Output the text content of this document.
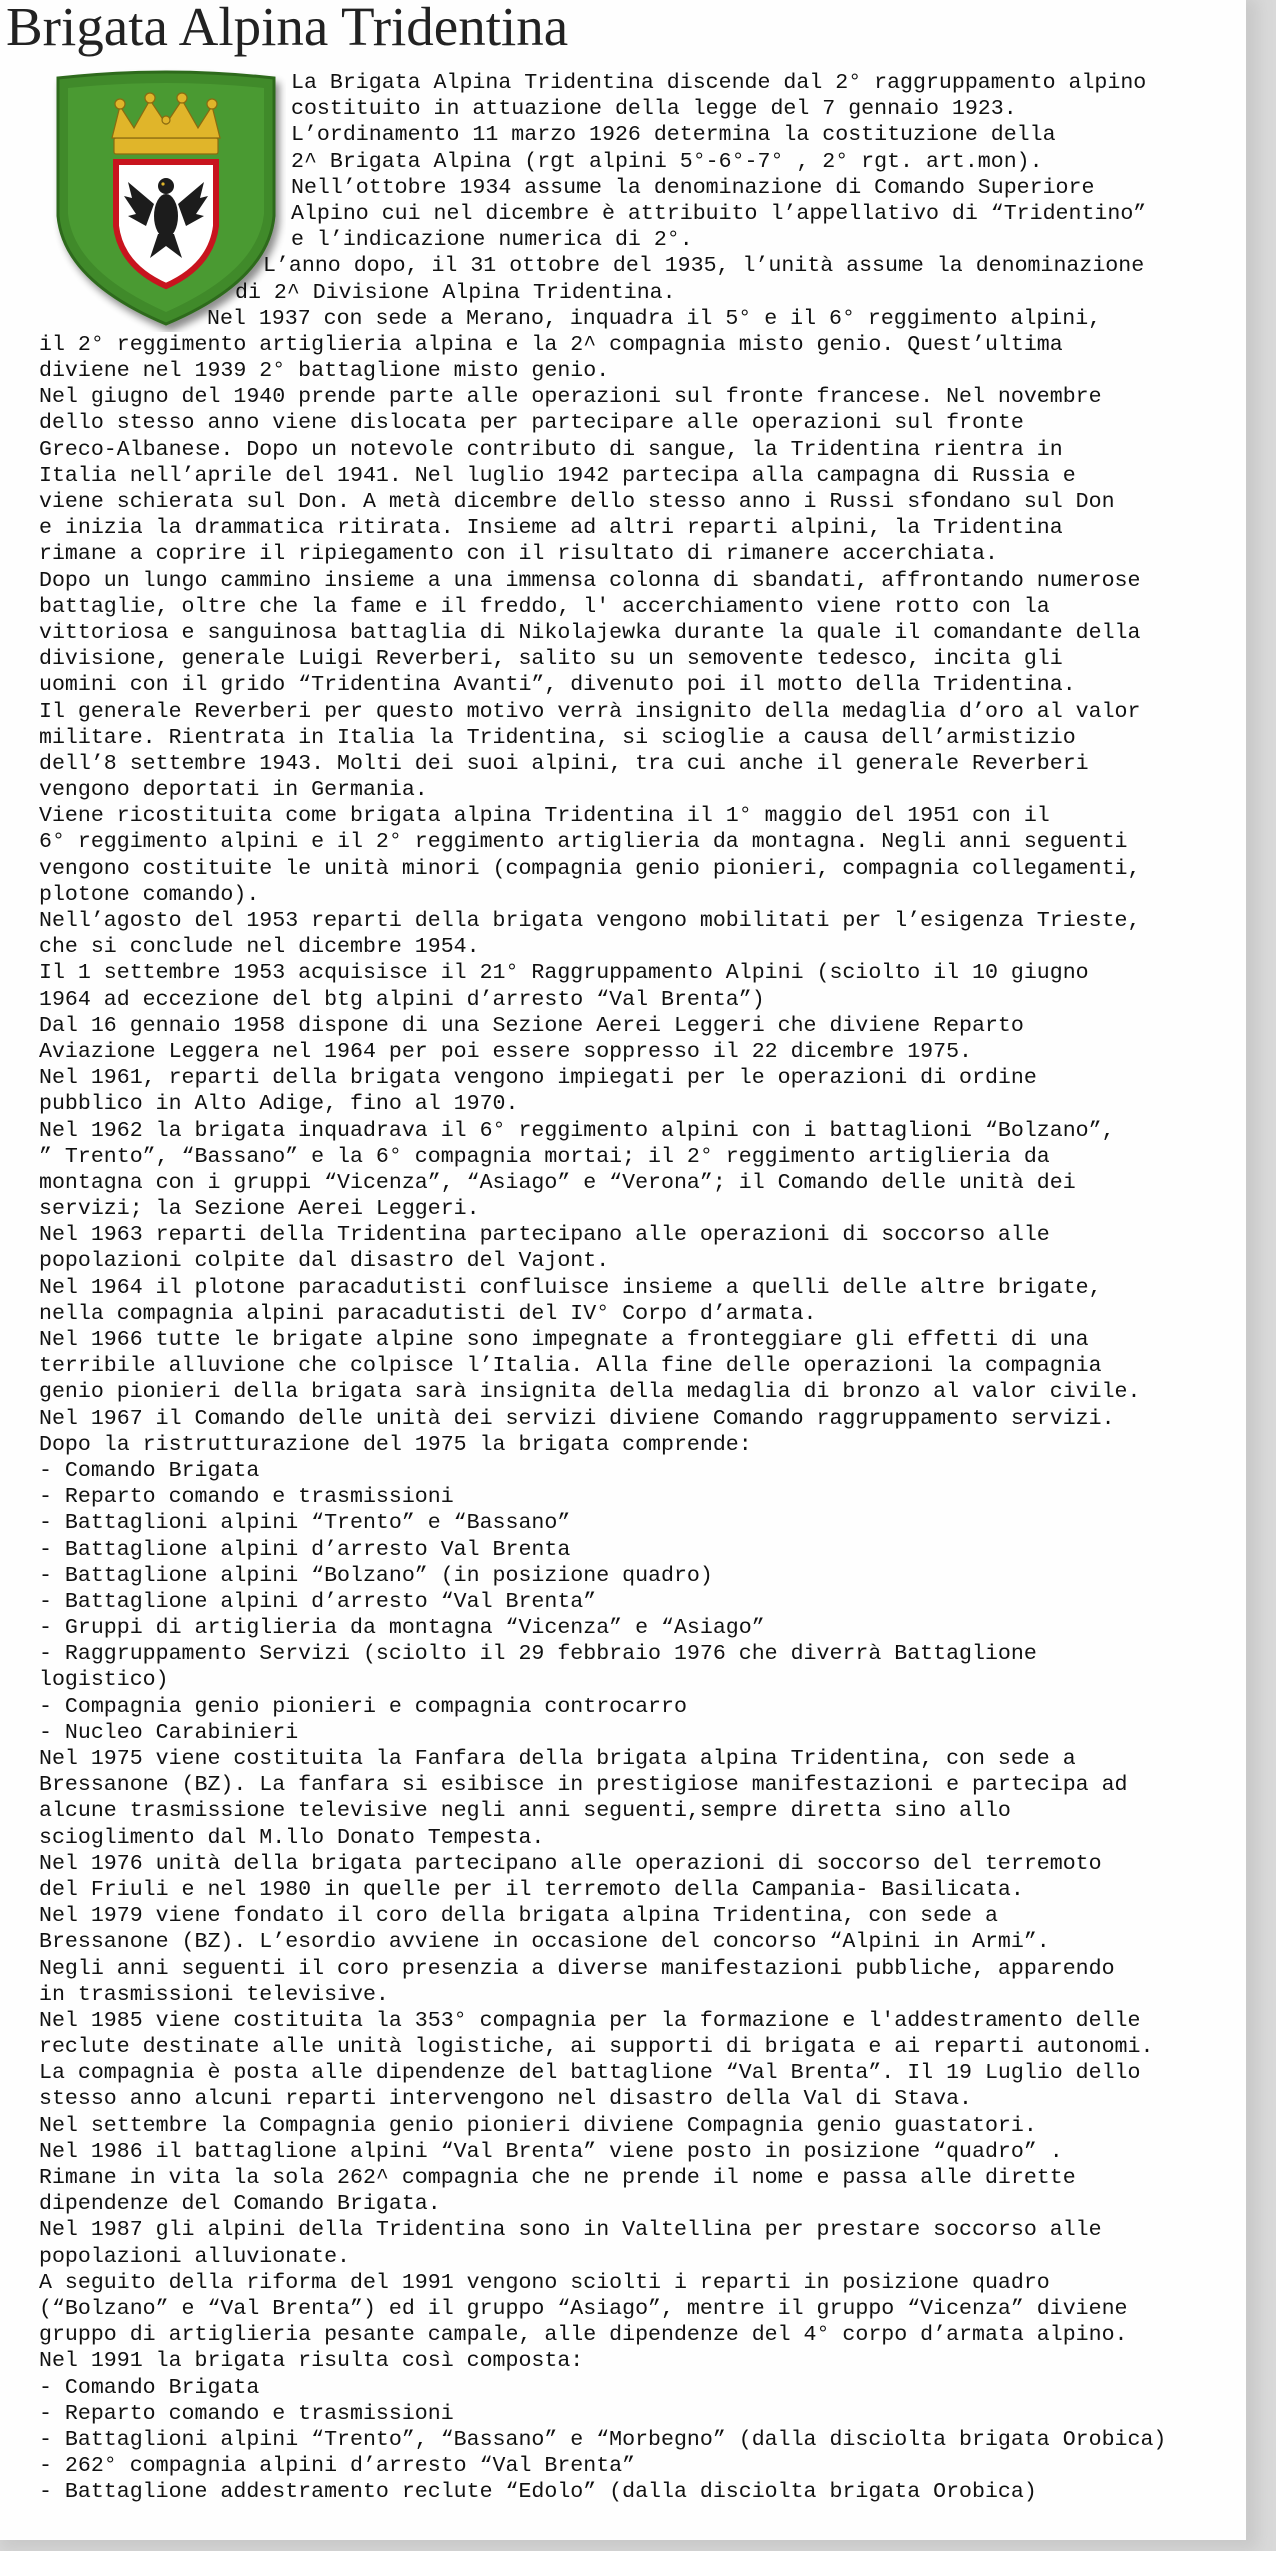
Brigata Alpina Tridentina
La Brigata Alpina Tridentina discende dal 2° raggruppamento alpino
costituito in attuazione della legge del 7 gennaio 1923.
L’ordinamento 11 marzo 1926 determina la costituzione della
2^ Brigata Alpina (rgt alpini 5°-6°-7° , 2° rgt. art.mon).
Nell’ottobre 1934 assume la denominazione di Comando Superiore
Alpino cui nel dicembre è attribuito l’appellativo di “Tridentino”
e l’indicazione numerica di 2°.
L’anno dopo, il 31 ottobre del 1935, l’unità assume la denominazione
di 2^ Divisione Alpina Tridentina.
Nel 1937 con sede a Merano, inquadra il 5° e il 6° reggimento alpini,
il 2° reggimento artiglieria alpina e la 2^ compagnia misto genio. Quest’ultima
diviene nel 1939 2° battaglione misto genio.
Nel giugno del 1940 prende parte alle operazioni sul fronte francese. Nel novembre
dello stesso anno viene dislocata per partecipare alle operazioni sul fronte
Greco-Albanese. Dopo un notevole contributo di sangue, la Tridentina rientra in
Italia nell’aprile del 1941. Nel luglio 1942 partecipa alla campagna di Russia e
viene schierata sul Don. A metà dicembre dello stesso anno i Russi sfondano sul Don
e inizia la drammatica ritirata. Insieme ad altri reparti alpini, la Tridentina
rimane a coprire il ripiegamento con il risultato di rimanere accerchiata.
Dopo un lungo cammino insieme a una immensa colonna di sbandati, affrontando numerose
battaglie, oltre che la fame e il freddo, l' accerchiamento viene rotto con la
vittoriosa e sanguinosa battaglia di Nikolajewka durante la quale il comandante della
divisione, generale Luigi Reverberi, salito su un semovente tedesco, incita gli
uomini con il grido “Tridentina Avanti”, divenuto poi il motto della Tridentina.
Il generale Reverberi per questo motivo verrà insignito della medaglia d’oro al valor
militare. Rientrata in Italia la Tridentina, si scioglie a causa dell’armistizio
dell’8 settembre 1943. Molti dei suoi alpini, tra cui anche il generale Reverberi
vengono deportati in Germania.
Viene ricostituita come brigata alpina Tridentina il 1° maggio del 1951 con il
6° reggimento alpini e il 2° reggimento artiglieria da montagna. Negli anni seguenti
vengono costituite le unità minori (compagnia genio pionieri, compagnia collegamenti,
plotone comando).
Nell’agosto del 1953 reparti della brigata vengono mobilitati per l’esigenza Trieste,
che si conclude nel dicembre 1954.
Il 1 settembre 1953 acquisisce il 21° Raggruppamento Alpini (sciolto il 10 giugno
1964 ad eccezione del btg alpini d’arresto “Val Brenta”)
Dal 16 gennaio 1958 dispone di una Sezione Aerei Leggeri che diviene Reparto
Aviazione Leggera nel 1964 per poi essere soppresso il 22 dicembre 1975.
Nel 1961, reparti della brigata vengono impiegati per le operazioni di ordine
pubblico in Alto Adige, fino al 1970.
Nel 1962 la brigata inquadrava il 6° reggimento alpini con i battaglioni “Bolzano”,
” Trento”, “Bassano” e la 6° compagnia mortai; il 2° reggimento artiglieria da
montagna con i gruppi “Vicenza”, “Asiago” e “Verona”; il Comando delle unità dei
servizi; la Sezione Aerei Leggeri.
Nel 1963 reparti della Tridentina partecipano alle operazioni di soccorso alle
popolazioni colpite dal disastro del Vajont.
Nel 1964 il plotone paracadutisti confluisce insieme a quelli delle altre brigate,
nella compagnia alpini paracadutisti del IV° Corpo d’armata.
Nel 1966 tutte le brigate alpine sono impegnate a fronteggiare gli effetti di una
terribile alluvione che colpisce l’Italia. Alla fine delle operazioni la compagnia
genio pionieri della brigata sarà insignita della medaglia di bronzo al valor civile.
Nel 1967 il Comando delle unità dei servizi diviene Comando raggruppamento servizi.
Dopo la ristrutturazione del 1975 la brigata comprende:
- Comando Brigata
- Reparto comando e trasmissioni
- Battaglioni alpini “Trento” e “Bassano”
- Battaglione alpini d’arresto Val Brenta
- Battaglione alpini “Bolzano” (in posizione quadro)
- Battaglione alpini d’arresto “Val Brenta”
- Gruppi di artiglieria da montagna “Vicenza” e “Asiago”
- Raggruppamento Servizi (sciolto il 29 febbraio 1976 che diverrà Battaglione
logistico)
- Compagnia genio pionieri e compagnia controcarro
- Nucleo Carabinieri
Nel 1975 viene costituita la Fanfara della brigata alpina Tridentina, con sede a
Bressanone (BZ). La fanfara si esibisce in prestigiose manifestazioni e partecipa ad
alcune trasmissione televisive negli anni seguenti,sempre diretta sino allo
scioglimento dal M.llo Donato Tempesta.
Nel 1976 unità della brigata partecipano alle operazioni di soccorso del terremoto
del Friuli e nel 1980 in quelle per il terremoto della Campania- Basilicata.
Nel 1979 viene fondato il coro della brigata alpina Tridentina, con sede a
Bressanone (BZ). L’esordio avviene in occasione del concorso “Alpini in Armi”.
Negli anni seguenti il coro presenzia a diverse manifestazioni pubbliche, apparendo
in trasmissioni televisive.
Nel 1985 viene costituita la 353° compagnia per la formazione e l'addestramento delle
reclute destinate alle unità logistiche, ai supporti di brigata e ai reparti autonomi.
La compagnia è posta alle dipendenze del battaglione “Val Brenta”. Il 19 Luglio dello
stesso anno alcuni reparti intervengono nel disastro della Val di Stava.
Nel settembre la Compagnia genio pionieri diviene Compagnia genio guastatori.
Nel 1986 il battaglione alpini “Val Brenta” viene posto in posizione “quadro” .
Rimane in vita la sola 262^ compagnia che ne prende il nome e passa alle dirette
dipendenze del Comando Brigata.
Nel 1987 gli alpini della Tridentina sono in Valtellina per prestare soccorso alle
popolazioni alluvionate.
A seguito della riforma del 1991 vengono sciolti i reparti in posizione quadro
(“Bolzano” e “Val Brenta”) ed il gruppo “Asiago”, mentre il gruppo “Vicenza” diviene
gruppo di artiglieria pesante campale, alle dipendenze del 4° corpo d’armata alpino.
Nel 1991 la brigata risulta così composta:
- Comando Brigata
- Reparto comando e trasmissioni
- Battaglioni alpini “Trento”, “Bassano” e “Morbegno” (dalla disciolta brigata Orobica)
- 262° compagnia alpini d’arresto “Val Brenta”
- Battaglione addestramento reclute “Edolo” (dalla disciolta brigata Orobica)
